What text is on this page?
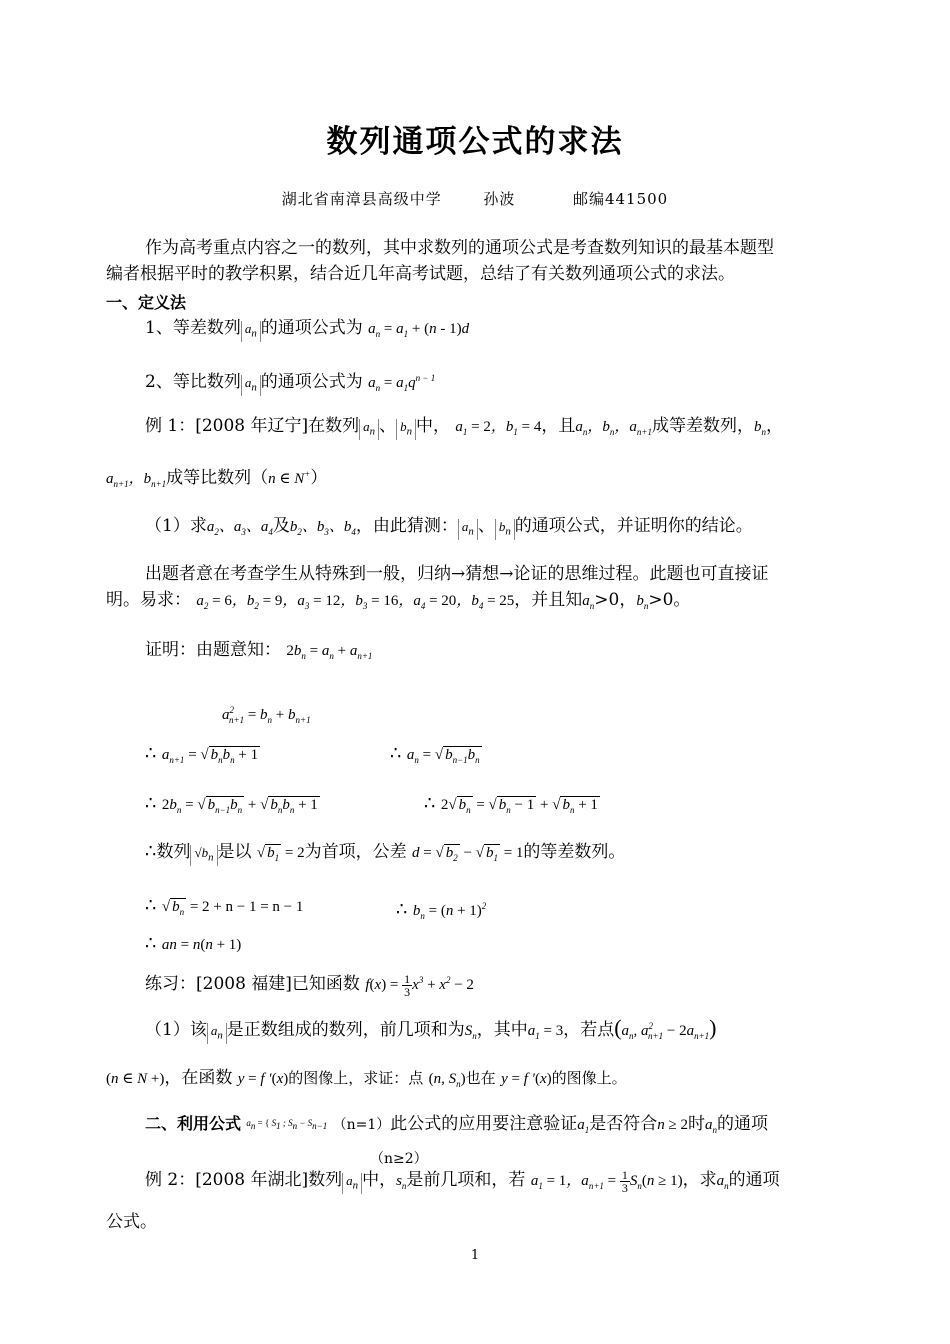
数列通项公式的求法
湖北省南漳县高级中学	孙波	邮编441500
作为高考重点内容之一的数列，其中求数列的通项公式是考查数列知识的最基本题型
编者根据平时的教学积累，结合近几年高考试题，总结了有关数列通项公式的求法。
一、定义法
1、等差数列 $a_n$ 的通项公式为 $a_n = a_1 + (n - 1)d$
2、等比数列 $a_n$ 的通项公式为 $a_n = a_1q^{n - 1}$
例 1：[2008 年辽宁]在数列 $a_n$ 、 $b_n$ 中， $a_1 = 2$，$b_1 = 4$，且$a_n$，$b_n$，$a_{n+1}$成等差数列，$b_n$，
$a_{n+1}$，$b_{n+1}$成等比数列（n ∈ N+）
（1）求$a_2$、$a_3$、$a_4$及$b_2$、$b_3$、$b_4$，由此猜测： $a_n$ 、 $b_n$ 的通项公式，并证明你的结论。
出题者意在考查学生从特殊到一般，归纳→猜想→论证的思维过程。此题也可直接证
明。易求： $a_2 = 6$，$b_2 = 9$，$a_3 = 12$，$b_3 = 16$，$a_4 = 20$，$b_4 = 25$，并且知$a_n>0$，$b_n>0$。
证明：由题意知： $2b_n = a_n + a_{n+1}$
$a^2_{n+1} = b_n + b_{n+1}$
∴ $a_{n+1}$ = √ $b_nb_n + 1$	∴ $a_n$ = √ $b_{n-1}b_n$
∴ $2b_n$ = √ $b_{n-1}b_n$ + √ $b_nb_n + 1$	∴ 2√ $b_n$ = √ $b_n - 1$ + √ $b_n + 1$
∴数列 $√b_n$ 是以 √ $b_1 = 2$为首项，公差 d = √ $b_2$ − √ $b_1 = 1$的等差数列。
∴ √ $b_n = 2 + n - 1 = n - 1$	∴ $b_n = (n + 1)^2$
∴ an = n(n + 1)
练习：[2008 福建]已知函数 $f(x) = \frac{1}{3} x^3 + x^2 - 2$
（1）该 $a_n$ 是正数组成的数列，前几项和为$S_n$，其中$a_1 = 3$，若点($a_n$, $a^2_{n+1} - 2a_{n+1}$)
(n ∈ N +)，在函数 y = f ′(x)的图像上，求证：点 (n, $S_n$)也在 y = f ′(x)的图像上。
二、利用公式 $a_n$ = { $S_1$ ; $S_n - S_{n-1}$ （n=1）此公式的应用要注意验证$a_1$是否符合n ≥ 2时$a_n$的通项
（n≥2）
例 2：[2008 年湖北]数列 $a_n$ 中，$s_n$是前几项和，若 $a_1 = 1$，$a_{n+1} = \frac{1}{3} S_n(n \ge 1)$，求$a_n$的通项
公式。
1
